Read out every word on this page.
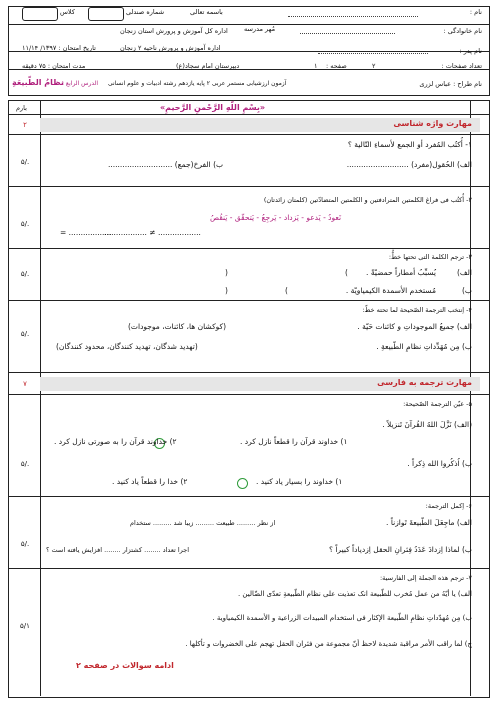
نام :
باسمه تعالی
شماره صندلی
کلاس
نام خانوادگی :
مُهر مدرسه
اداره کل آموزش و پرورش استان زنجان
نام پدر :
اداره آموزش و پرورش ناحیه ۲ زنجان
تاریخ امتحان : ۱۳۹۷/ ۱۱/۱۴
تعداد صفحات :
۲
صفحه :
۱
دبیرستان امام سجاد(ع)
مدت امتحان : ۷۵ دقیقه
نام طراح : عباس لزری
آزمون ارزشیابی مستمر عربی ۲ پایه یازدهم رشته ادبیات و علوم انسانی
الدرس الرابع :
نظامُ الطّبیعَةِ
بارم	«بِسْمِ اللّهِ الرَّحْمنِ الرَّحیمِ»
مهارت واژه شناسی
۲
۱- أُکتُب المُفرد أو الجمع لأسماءِ التّالیة ؟
الف) الحُقول(مفرد) ..........................
ب) الفرخ(جمع) ...........................
۵/.
۲- أُکتُب فی فراغ الکلمتین المترادفتین و الکلمتین المتضادّتین (کلمتان زائدتان)
نَعودُ - یَدعو - یَزداد - یَرجِعُ - یَتحقّق - یَنقُصُ
.................. ≠ ..................
= ..................
۵/.
۳- ترجم الکلمة التی تحتها خطٌّ:
الف)
یُسبِّبُ أمطاراً حمضیّةً .
)	(
ب)
مُستخدم الأسمدة الکیمیاویّة .
)	(
۵/.
۴- اِنتخب الترجمة الصّحیحة لما تحته خطّ:
الف) جمیعُ الموجوداتِ و کائنات حَیّة .
(کوکشان ها، کائنات، موجودات)
ب) مِن مُهَدِّداتِ نظامِ الطّبیعةِ .
(تهدید شدگان، تهدید کنندگان، محدود کنندگان)
۵/.
مهارت ترجمه به فارسی
۷
۵- عیّن الترجمة الصّحیحة:
(الف) نَزَّلَ اللهُ القُرآنَ تَنزیلاً .
۱) خداوند قرآن را قطعاً نازل کرد .
۲) خداوند قرآن را به صورتی نازل کرد .
ب) اُذکُروا الله ذِکراً .
۱) خداوند را بسیار یاد کنید .
۲) خدا را قطعاً یاد کنید .
۵/.
۶- اِکمل الترجمة:
الف) ماجِعَلَ الطّبیعةَ تَوازناً .
از نظر ......... طبیعت ......... زیبا شد ......... ستخدام
ب) لماذا اِزدادَ عَدَدُ فِئرانِ الحقل اِزدیاداً کبیراً ؟
اجرا تعداد ........ کشتزار ........ افزایش یافته است ؟
۵/.
۷- ترجم هذه الجملة إلی الفارسیة:
الف) یا أیّهُ من عمل مُخرب للطّبیعة انک تعذیت علی نظام الطّبیعةِ تعدّی الضّالین .
ب) مِن مُهدّداتِ نظامِ الطّبیعة الإکثار فی استخدام المبیدات الزراعیة و الأسمدة الکیمیاویة .
ج) لما راقب الأمر مراقبة شدیدة لاحظ أنّ مجموعة من فئران الحقل تهجم علی الخضروات و تأکلها .
۵/۱
ادامه سوالات در صفحه ۲
